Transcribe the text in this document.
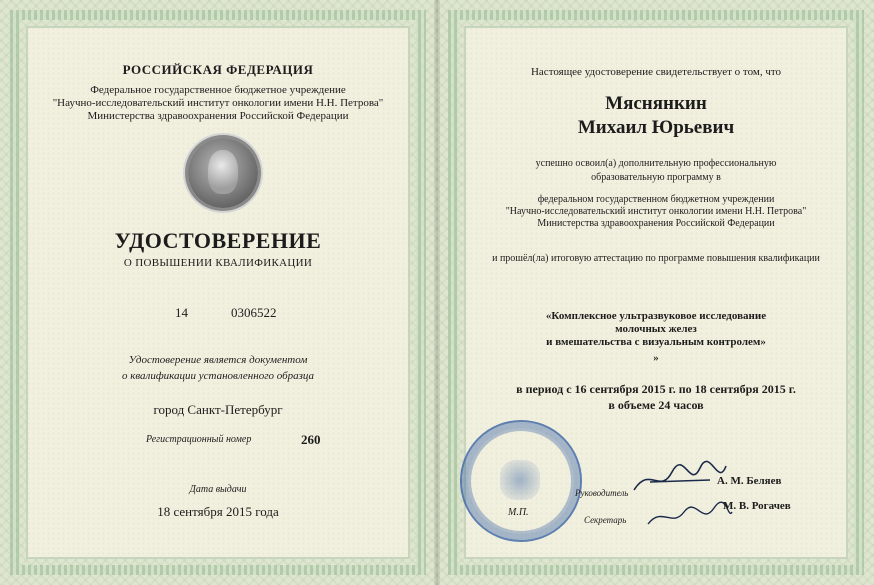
РОССИЙСКАЯ ФЕДЕРАЦИЯ
Федеральное государственное бюджетное учреждение
"Научно-исследовательский институт онкологии имени Н.Н. Петрова"
Министерства здравоохранения Российской Федерации
УДОСТОВЕРЕНИЕ
О ПОВЫШЕНИИ КВАЛИФИКАЦИИ
14	0306522
Удостоверение является документом
о квалификации установленного образца
город Санкт-Петербург
Регистрационный номер	260
Дата выдачи
18 сентября 2015 года
Настоящее удостоверение свидетельствует о том, что
Мяснянкин
Михаил Юрьевич
успешно освоил(а) дополнительную профессиональную
образовательную программу в
федеральном государственном бюджетном учреждении
"Научно-исследовательский институт онкологии имени Н.Н. Петрова"
Министерства здравоохранения Российской Федерации
и прошёл(ла) итоговую аттестацию по программе повышения квалификации
«Комплексное ультразвуковое исследование
молочных желез
и вмешательства с визуальным контролем»
»
в период с 16 сентября 2015 г. по 18 сентября 2015 г.
в объеме 24 часов
М.П.
Руководитель
Секретарь
А. М. Беляев
М. В. Рогачев
